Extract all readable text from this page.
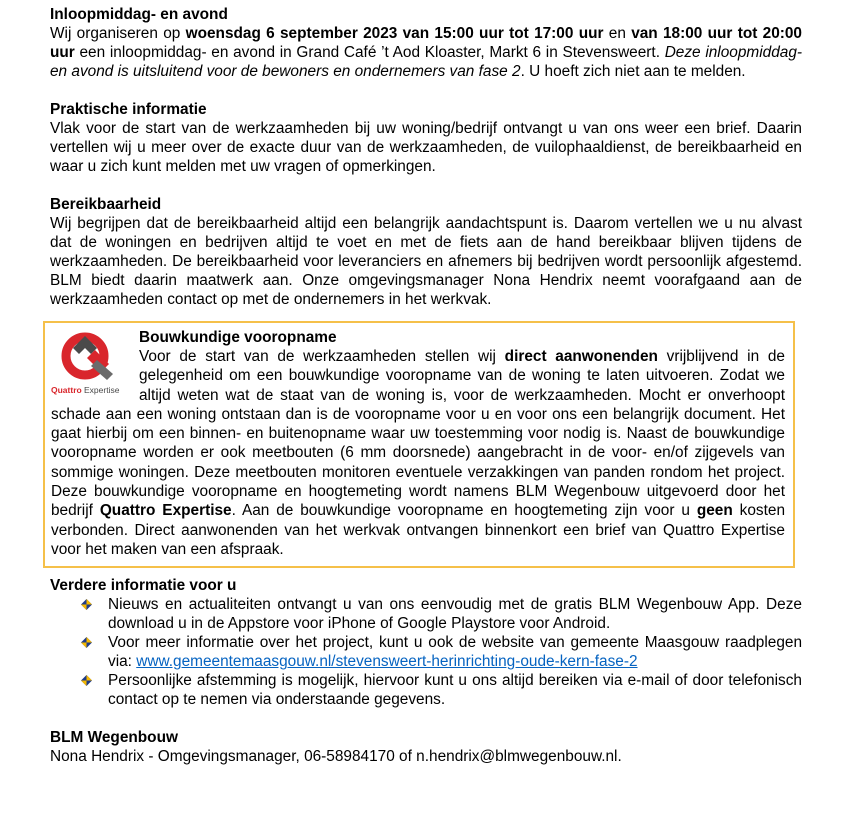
Inloopmiddag- en avond

Wij organiseren op woensdag 6 september 2023 van 15:00 uur tot 17:00 uur en van 18:00 uur tot 20:00 uur een inloopmiddag- en avond in Grand Café ’t Aod Kloaster, Markt 6 in Stevensweert. Deze inloopmiddag- en avond is uitsluitend voor de bewoners en ondernemers van fase 2. U hoeft zich niet aan te melden.

Praktische informatie

Vlak voor de start van de werkzaamheden bij uw woning/bedrijf ontvangt u van ons weer een brief. Daarin vertellen wij u meer over de exacte duur van de werkzaamheden, de vuilophaaldienst, de bereikbaarheid en waar u zich kunt melden met uw vragen of opmerkingen.

Bereikbaarheid

Wij begrijpen dat de bereikbaarheid altijd een belangrijk aandachtspunt is. Daarom vertellen we u nu alvast dat de woningen en bedrijven altijd te voet en met de fiets aan de hand bereikbaar blijven tijdens de werkzaamheden. De bereikbaarheid voor leveranciers en afnemers bij bedrijven wordt persoonlijk afgestemd. BLM biedt daarin maatwerk aan. Onze omgevingsmanager Nona Hendrix neemt voorafgaand aan de werkzaamheden contact op met de ondernemers in het werkvak.

Quattro Expertise
Bouwkundige vooropname

Voor de start van de werkzaamheden stellen wij direct aanwonenden vrijblijvend in de gelegenheid om een bouwkundige vooropname van de woning te laten uitvoeren. Zodat we altijd weten wat de staat van de woning is, voor de werkzaamheden. Mocht er onverhoopt schade aan een woning ontstaan dan is de vooropname voor u en voor ons een belangrijk document. Het gaat hierbij om een binnen- en buitenopname waar uw toestemming voor nodig is. Naast de bouwkundige vooropname worden er ook meetbouten (6 mm doorsnede) aangebracht in de voor- en/of zijgevels van sommige woningen. Deze meetbouten monitoren eventuele verzakkingen van panden rondom het project. Deze bouwkundige vooropname en hoogtemeting wordt namens BLM Wegenbouw uitgevoerd door het bedrijf Quattro Expertise. Aan de bouwkundige vooropname en hoogtemeting zijn voor u geen kosten verbonden. Direct aanwonenden van het werkvak ontvangen binnenkort een brief van Quattro Expertise voor het maken van een afspraak.

Verdere informatie voor u
Nieuws en actualiteiten ontvangt u van ons eenvoudig met de gratis BLM Wegenbouw App. Deze download u in de Appstore voor iPhone of Google Playstore voor Android.
Voor meer informatie over het project, kunt u ook de website van gemeente Maasgouw raadplegen via: www.gemeentemaasgouw.nl/stevensweert-herinrichting-oude-kern-fase-2
Persoonlijke afstemming is mogelijk, hiervoor kunt u ons altijd bereiken via e-mail of door telefonisch contact op te nemen via onderstaande gegevens.
BLM Wegenbouw

Nona Hendrix - Omgevingsmanager, 06-58984170 of n.hendrix@blmwegenbouw.nl.
